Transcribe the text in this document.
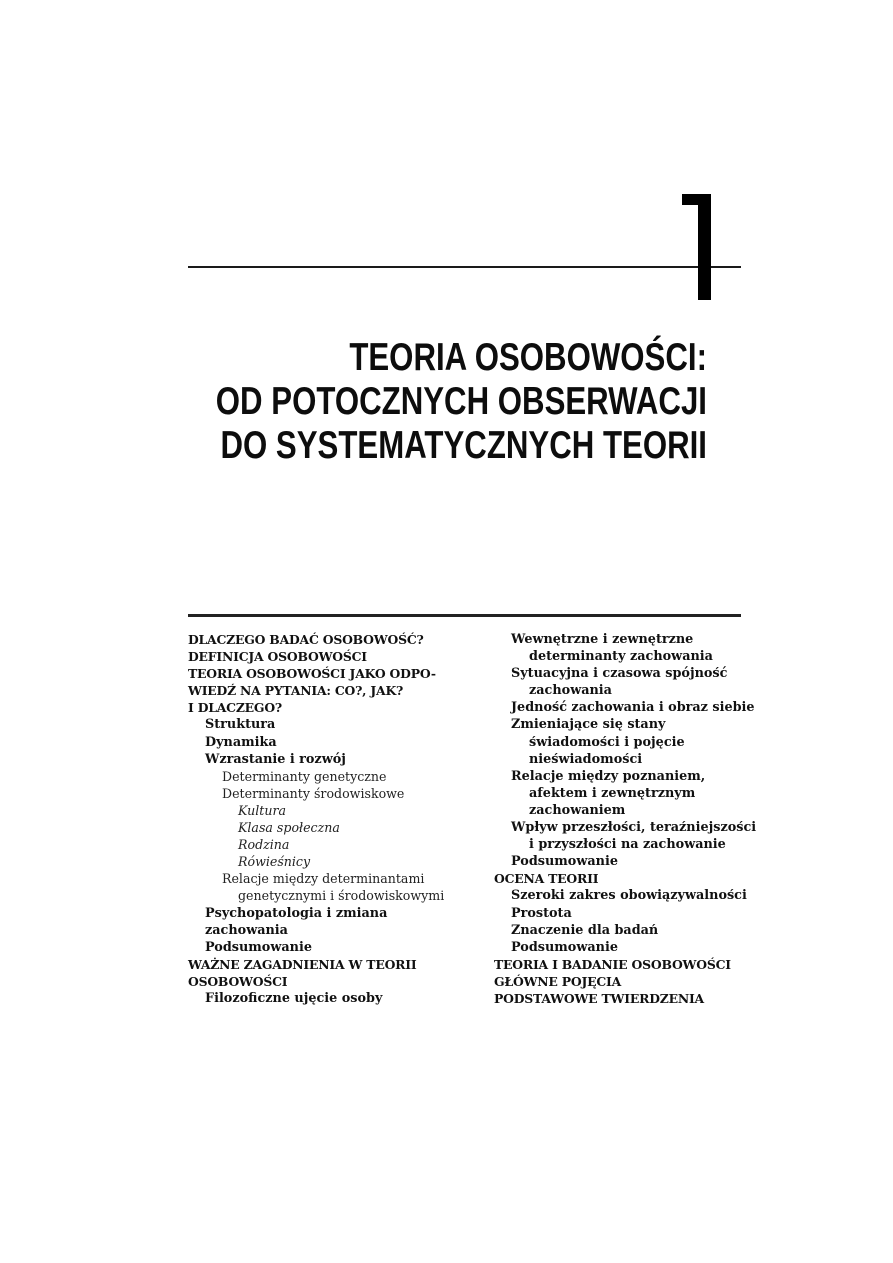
TEORIA OSOBOWOŚCI:
OD POTOCZNYCH OBSERWACJI
DO SYSTEMATYCZNYCH TEORII
DLACZEGO BADAĆ OSOBOWOŚĆ?
DEFINICJA OSOBOWOŚCI
TEORIA OSOBOWOŚCI JAKO ODPO-
WIEDŹ NA PYTANIA: CO?, JAK?
I DLACZEGO?
Struktura
Dynamika
Wzrastanie i rozwój
Determinanty genetyczne
Determinanty środowiskowe
Kultura
Klasa społeczna
Rodzina
Rówieśnicy
Relacje między determinantami
genetycznymi i środowiskowymi
Psychopatologia i zmiana
zachowania
Podsumowanie
WAŻNE ZAGADNIENIA W TEORII
OSOBOWOŚCI
Filozoficzne ujęcie osoby
Wewnętrzne i zewnętrzne
determinanty zachowania
Sytuacyjna i czasowa spójność
zachowania
Jedność zachowania i obraz siebie
Zmieniające się stany
świadomości i pojęcie
nieświadomości
Relacje między poznaniem,
afektem i zewnętrznym
zachowaniem
Wpływ przeszłości, teraźniejszości
i przyszłości na zachowanie
Podsumowanie
OCENA TEORII
Szeroki zakres obowiązywalności
Prostota
Znaczenie dla badań
Podsumowanie
TEORIA I BADANIE OSOBOWOŚCI
GŁÓWNE POJĘCIA
PODSTAWOWE TWIERDZENIA
